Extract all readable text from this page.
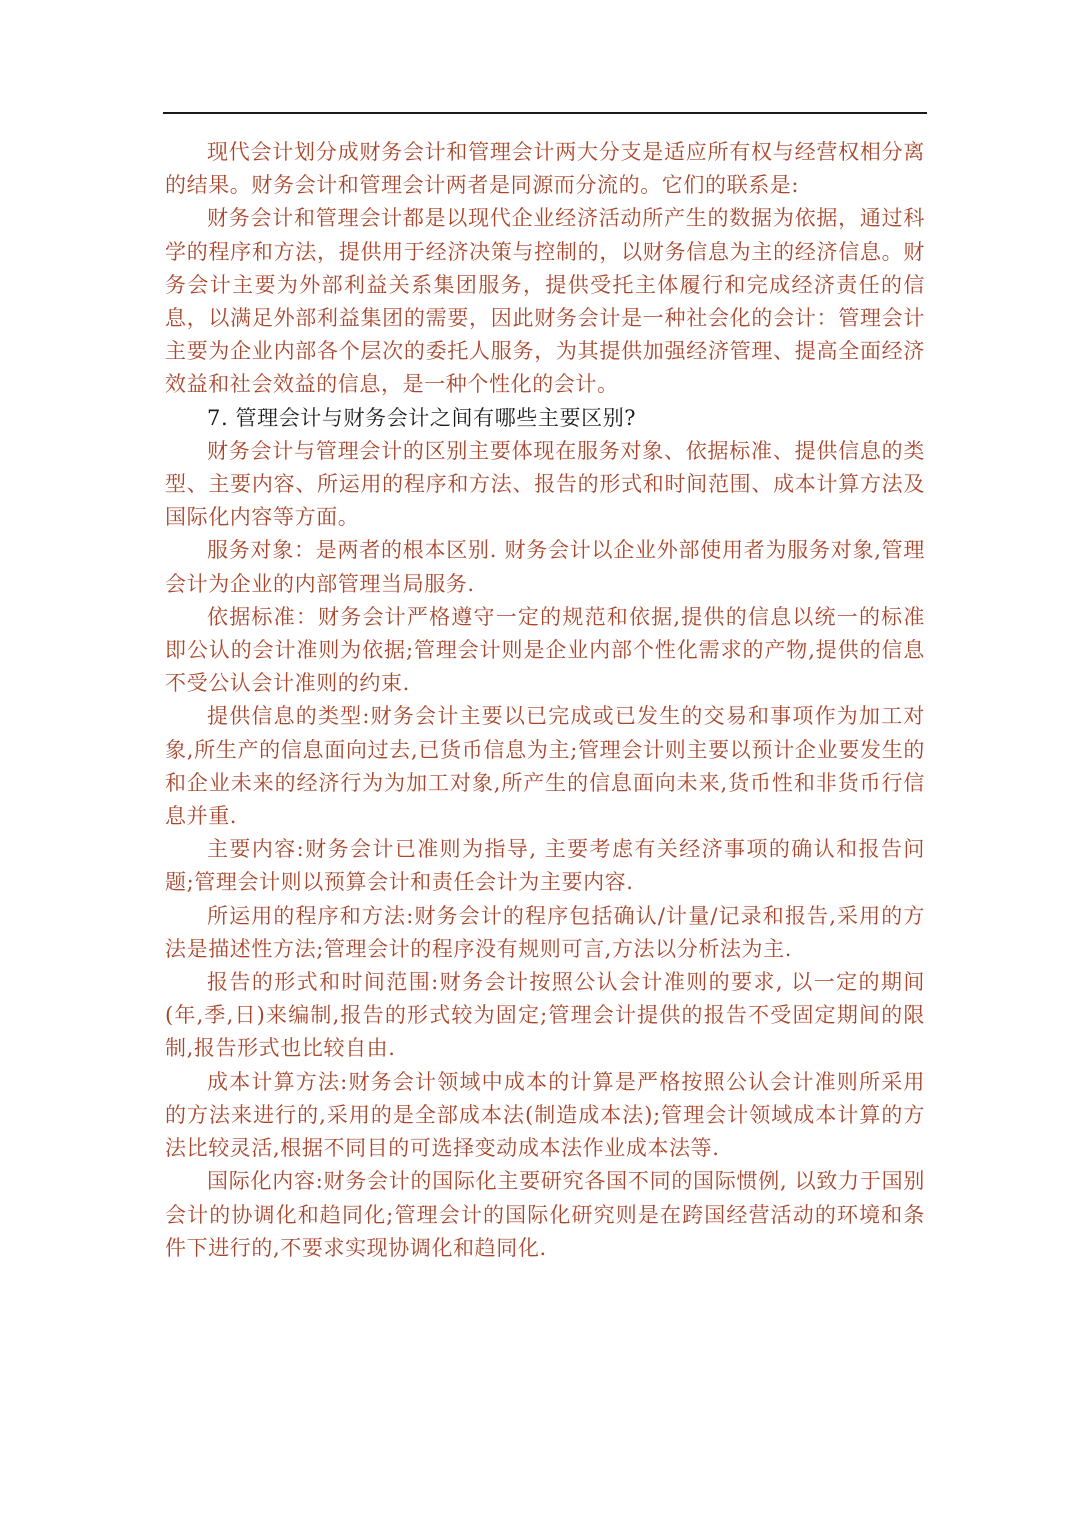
现代会计划分成财务会计和管理会计两大分支是适应所有权与经营权相分离的结果。财务会计和管理会计两者是同源而分流的。它们的联系是:

财务会计和管理会计都是以现代企业经济活动所产生的数据为依据，通过科学的程序和方法，提供用于经济决策与控制的，以财务信息为主的经济信息。财务会计主要为外部利益关系集团服务，提供受托主体履行和完成经济责任的信息，以满足外部利益集团的需要，因此财务会计是一种社会化的会计：管理会计主要为企业内部各个层次的委托人服务，为其提供加强经济管理、提高全面经济效益和社会效益的信息，是一种个性化的会计。

7. 管理会计与财务会计之间有哪些主要区别?

财务会计与管理会计的区别主要体现在服务对象、依据标准、提供信息的类型、主要内容、所运用的程序和方法、报告的形式和时间范围、成本计算方法及国际化内容等方面。

服务对象：是两者的根本区别. 财务会计以企业外部使用者为服务对象,管理会计为企业的内部管理当局服务.

依据标准：财务会计严格遵守一定的规范和依据,提供的信息以统一的标准即公认的会计准则为依据;管理会计则是企业内部个性化需求的产物,提供的信息不受公认会计准则的约束.

提供信息的类型:财务会计主要以已完成或已发生的交易和事项作为加工对象,所生产的信息面向过去,已货币信息为主;管理会计则主要以预计企业要发生的和企业未来的经济行为为加工对象,所产生的信息面向未来,货币性和非货币行信息并重.

主要内容:财务会计已准则为指导, 主要考虑有关经济事项的确认和报告问题;管理会计则以预算会计和责任会计为主要内容.

所运用的程序和方法:财务会计的程序包括确认/计量/记录和报告,采用的方法是描述性方法;管理会计的程序没有规则可言,方法以分析法为主.

报告的形式和时间范围:财务会计按照公认会计准则的要求, 以一定的期间(年,季,日)来编制,报告的形式较为固定;管理会计提供的报告不受固定期间的限制,报告形式也比较自由.

成本计算方法:财务会计领域中成本的计算是严格按照公认会计准则所采用的方法来进行的,采用的是全部成本法(制造成本法);管理会计领域成本计算的方法比较灵活,根据不同目的可选择变动成本法作业成本法等.

国际化内容:财务会计的国际化主要研究各国不同的国际惯例, 以致力于国别会计的协调化和趋同化;管理会计的国际化研究则是在跨国经营活动的环境和条件下进行的,不要求实现协调化和趋同化.
